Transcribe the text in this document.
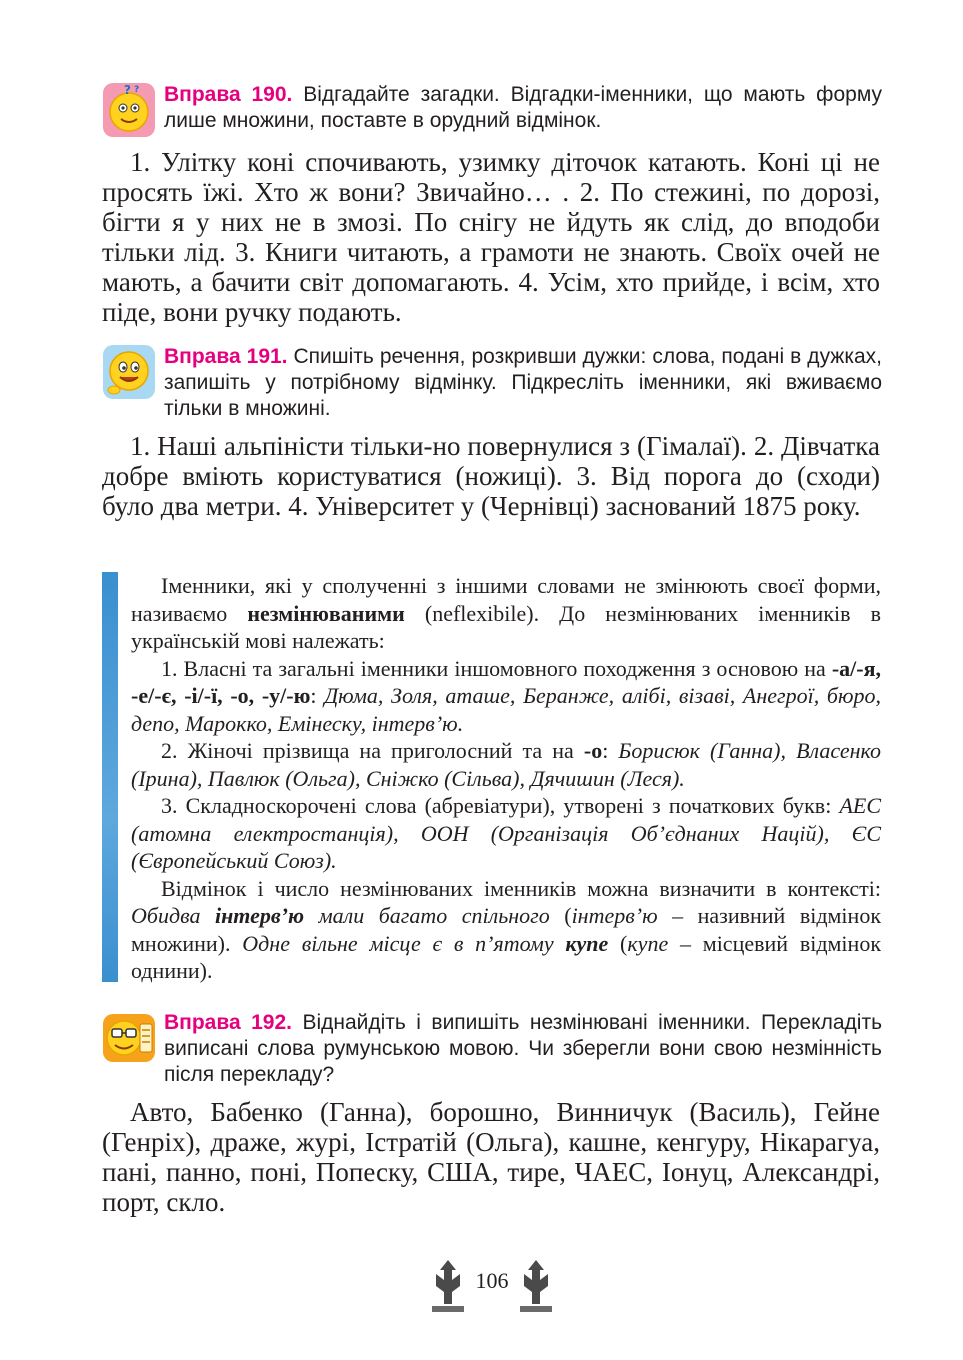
? ? Вправа 190. Відгадайте загадки. Відгадки-іменники, що мають форму лише множини, поставте в орудний відмінок.

1. Улітку коні спочивають, узимку діточок катають. Коні ці не просять їжі. Хто ж вони? Звичайно… . 2. По стежині, по дорозі, бігти я у них не в змозі. По снігу не йдуть як слід, до вподоби тільки лід. 3. Книги читають, а грамоти не знають. Своїх очей не мають, а бачити світ допомагають. 4. Усім, хто прийде, і всім, хто піде, вони ручку подають.

Вправа 191. Спишіть речення, розкривши дужки: слова, подані в дужках, запишіть у потрібному відмінку. Підкресліть іменники, які вживаємо тільки в множині.

1. Наші альпіністи тільки-но повернулися з (Гімалаї). 2. Дівчатка добре вміють користуватися (ножиці). 3. Від порога до (сходи) було два метри. 4. Університет у (Чернівці) заснований 1875 року.

Іменники, які у сполученні з іншими словами не змінюють своєї форми, називаємо незмінюваними (neflexibile). До незмінюваних іменників в українській мові належать:

1. Власні та загальні іменники іншомовного походження з основою на -а/-я, -е/-є, -і/-ї, -о, -у/-ю: Дюма, Золя, аташе, Беранже, алібі, візаві, Анегрої, бюро, депо, Марокко, Емінеску, інтерв’ю.

2. Жіночі прізвища на приголосний та на -о: Борисюк (Ганна), Власенко (Ірина), Павлюк (Ольга), Сніжко (Сільва), Дячишин (Леся).

3. Складноскорочені слова (абревіатури), утворені з початкових букв: АЕС (атомна електростанція), ООН (Організація Об’єднаних Націй), ЄС (Європейський Союз).

Відмінок і число незмінюваних іменників можна визначити в контексті: Обидва інтерв’ю мали багато спільного (інтерв’ю – називний відмінок множини). Одне вільне місце є в п’ятому купе (купе – місцевий відмінок однини).

Вправа 192. Віднайдіть і випишіть незмінювані іменники. Перекладіть виписані слова румунською мовою. Чи зберегли вони свою незмінність після перекладу?

Авто, Бабенко (Ганна), борошно, Винничук (Василь), Гейне (Генріх), драже, журі, Істратій (Ольга), кашне, кенгуру, Нікарагуа, пані, панно, поні, Попеску, США, тире, ЧАЕС, Іонуц, Александрі, порт, скло.

106
